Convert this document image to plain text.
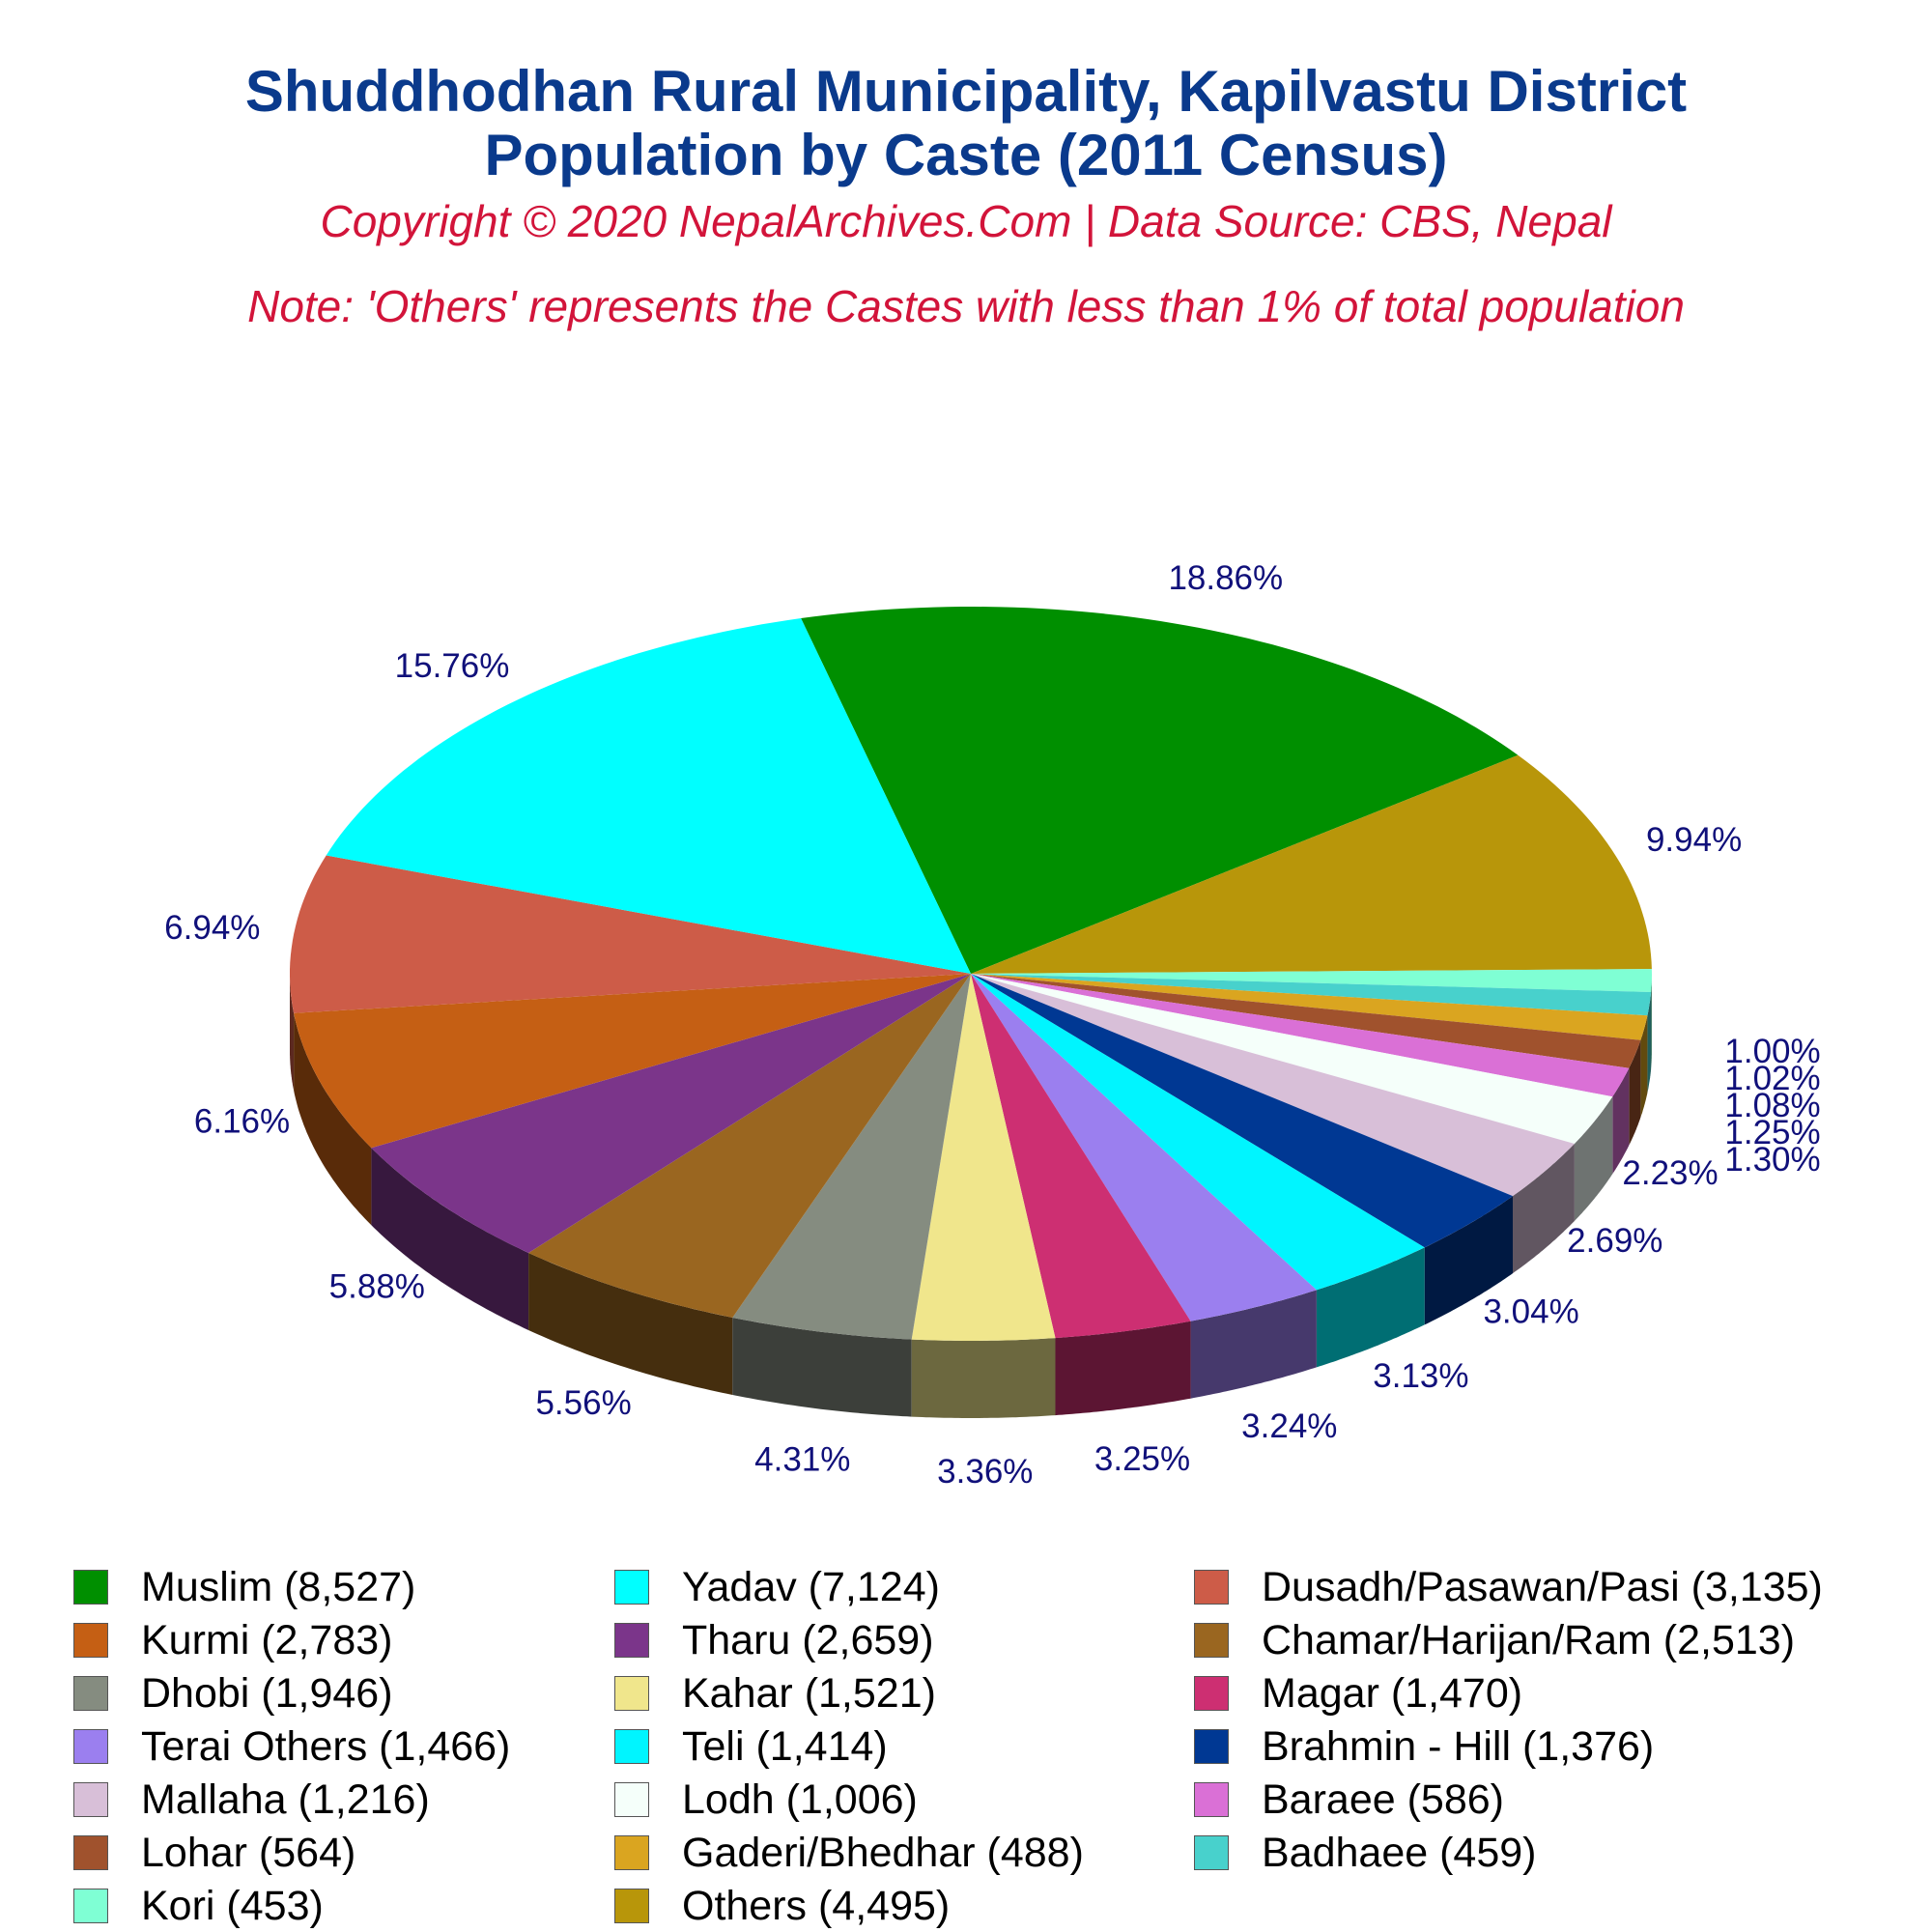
Shuddhodhan Rural Municipality, Kapilvastu District
Population by Caste (2011 Census)
Copyright © 2020 NepalArchives.Com | Data Source: CBS, Nepal
Note: 'Others' represents the Castes with less than 1% of total population
18.86%
9.94%
1.00%
1.02%
1.08%
1.25%
1.30%
2.23%
2.69%
3.04%
3.13%
3.24%
3.25%
3.36%
4.31%
5.56%
5.88%
6.16%
6.94%
15.76%
Muslim (8,527)	Yadav (7,124)	Dusadh/Pasawan/Pasi (3,135)
Kurmi (2,783)	Tharu (2,659)	Chamar/Harijan/Ram (2,513)
Dhobi (1,946)	Kahar (1,521)	Magar (1,470)
Terai Others (1,466)	Teli (1,414)	Brahmin - Hill (1,376)
Mallaha (1,216)	Lodh (1,006)	Baraee (586)
Lohar (564)	Gaderi/Bhedhar (488)	Badhaee (459)
Kori (453)	Others (4,495)
